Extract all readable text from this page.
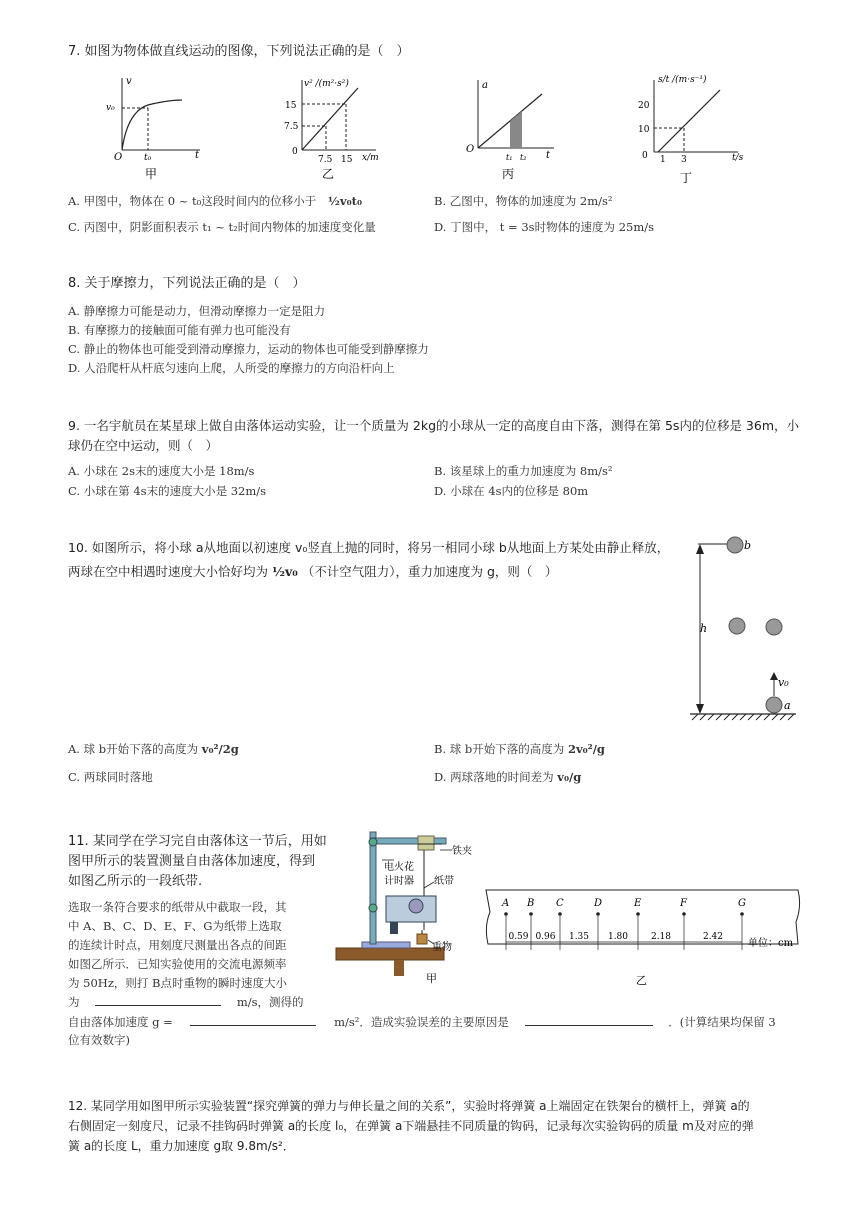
7. 如图为物体做直线运动的图像，下列说法正确的是（　）
v
v₀
O t₀	t
甲
v² /(m²·s²)
15
7.5
0
7.5 15 x/m
乙
a
O
t₁ t₂ t
丙
s/t /(m·s⁻¹)
20
10
0 1 3	t/s
丁
A. 甲图中，物体在 0 ~ t₀这段时间内的位移小于 ½v₀t₀	B. 乙图中，物体的加速度为 2m/s²
C. 丙图中，阴影面积表示 t₁ ~ t₂时间内物体的加速度变化量	D. 丁图中， t = 3s时物体的速度为 25m/s
8. 关于摩擦力，下列说法正确的是（　）
A. 静摩擦力可能是动力，但滑动摩擦力一定是阻力
B. 有摩擦力的接触面可能有弹力也可能没有
C. 静止的物体也可能受到滑动摩擦力，运动的物体也可能受到静摩擦力
D. 人沿爬杆从杆底匀速向上爬，人所受的摩擦力的方向沿杆向上
9. 一名宇航员在某星球上做自由落体运动实验，让一个质量为 2kg的小球从一定的高度自由下落，测得在第 5s内的位移是 36m，小
球仍在空中运动，则（　）
A. 小球在 2s末的速度大小是 18m/s	B. 该星球上的重力加速度为 8m/s²
C. 小球在第 4s末的速度大小是 32m/s	D. 小球在 4s内的位移是 80m
10. 如图所示，将小球 a从地面以初速度 v₀竖直上抛的同时，将另一相同小球 b从地面上方某处由静止释放，
两球在空中相遇时速度大小恰好均为 ½v₀ （不计空气阻力），重力加速度为 g，则（　）
b
h
v₀
a
A. 球 b开始下落的高度为 v₀²/2g	B. 球 b开始下落的高度为 2v₀²/g
C. 两球同时落地	D. 两球落地的时间差为 v₀/g
11. 某同学在学习完自由落体这一节后，用如
图甲所示的装置测量自由落体加速度，得到
如图乙所示的一段纸带.
选取一条符合要求的纸带从中截取一段，其
中 A、B、C、D、E、F、G为纸带上选取
的连续计时点，用刻度尺测量出各点的间距
如图乙所示．已知实验使用的交流电源频率
为 50Hz，则打 B点时重物的瞬时速度大小
为	m/s，测得的
自由落体加速度 g =	m/s²．造成实验误差的主要原因是	．(计算结果均保留 3
位有效数字)
铁夹
电火花
计时器 纸带
重物
甲
A B C	D	E	F	G
0.59 0.96 1.35 1.80	2.18	2.42
单位：cm
乙
12. 某同学用如图甲所示实验装置“探究弹簧的弹力与伸长量之间的关系”，实验时将弹簧 a上端固定在铁架台的横杆上，弹簧 a的
右侧固定一刻度尺，记录不挂钩码时弹簧 a的长度 l₀，在弹簧 a下端悬挂不同质量的钩码，记录每次实验钩码的质量 m及对应的弹
簧 a的长度 L，重力加速度 g取 9.8m/s²．
